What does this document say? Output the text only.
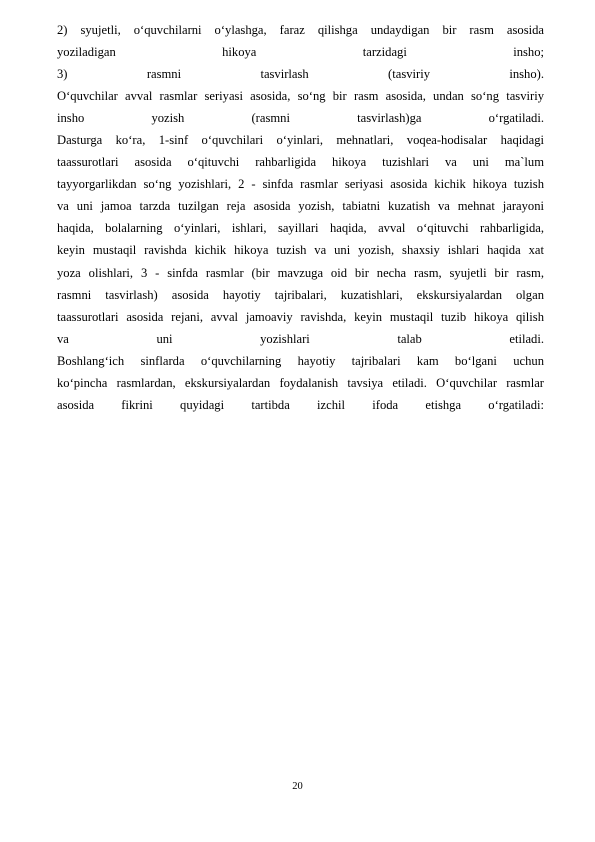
2) syujetli, o‘quvchilarni o‘ylashga, faraz qilishga undaydigan bir rasm asosida
yoziladigan hikoya tarzidagi insho;
3) rasmni tasvirlash (tasviriy insho).
O‘quvchilar avval rasmlar seriyasi asosida, so‘ng bir rasm asosida, undan so‘ng tasviriy
insho yozish (rasmni tasvirlash)ga o‘rgatiladi.
Dasturga ko‘ra, 1-sinf o‘quvchilari o‘yinlari, mehnatlari, voqea-hodisalar haqidagi
taassurotlari asosida o‘qituvchi rahbarligida hikoya tuzishlari va uni ma`lum
tayyorgarlikdan so‘ng yozishlari, 2 - sinfda rasmlar seriyasi asosida kichik hikoya tuzish
va uni jamoa tarzda tuzilgan reja asosida yozish, tabiatni kuzatish va mehnat jarayoni
haqida, bolalarning o‘yinlari, ishlari, sayillari haqida, avval o‘qituvchi rahbarligida,
keyin mustaqil ravishda kichik hikoya tuzish va uni yozish, shaxsiy ishlari haqida xat
yoza olishlari, 3 - sinfda rasmlar (bir mavzuga oid bir necha rasm, syujetli bir rasm,
rasmni tasvirlash) asosida hayotiy tajribalari, kuzatishlari, ekskursiyalardan olgan
taassurotlari asosida rejani, avval jamoaviy ravishda, keyin mustaqil tuzib hikoya qilish
va uni yozishlari talab etiladi.
Boshlang‘ich sinflarda o‘quvchilarning hayotiy tajribalari kam bo‘lgani uchun
ko‘pincha rasmlardan, ekskursiyalardan foydalanish tavsiya etiladi. O‘quvchilar rasmlar
asosida fikrini quyidagi tartibda izchil ifoda etishga o‘rgatiladi:
20
